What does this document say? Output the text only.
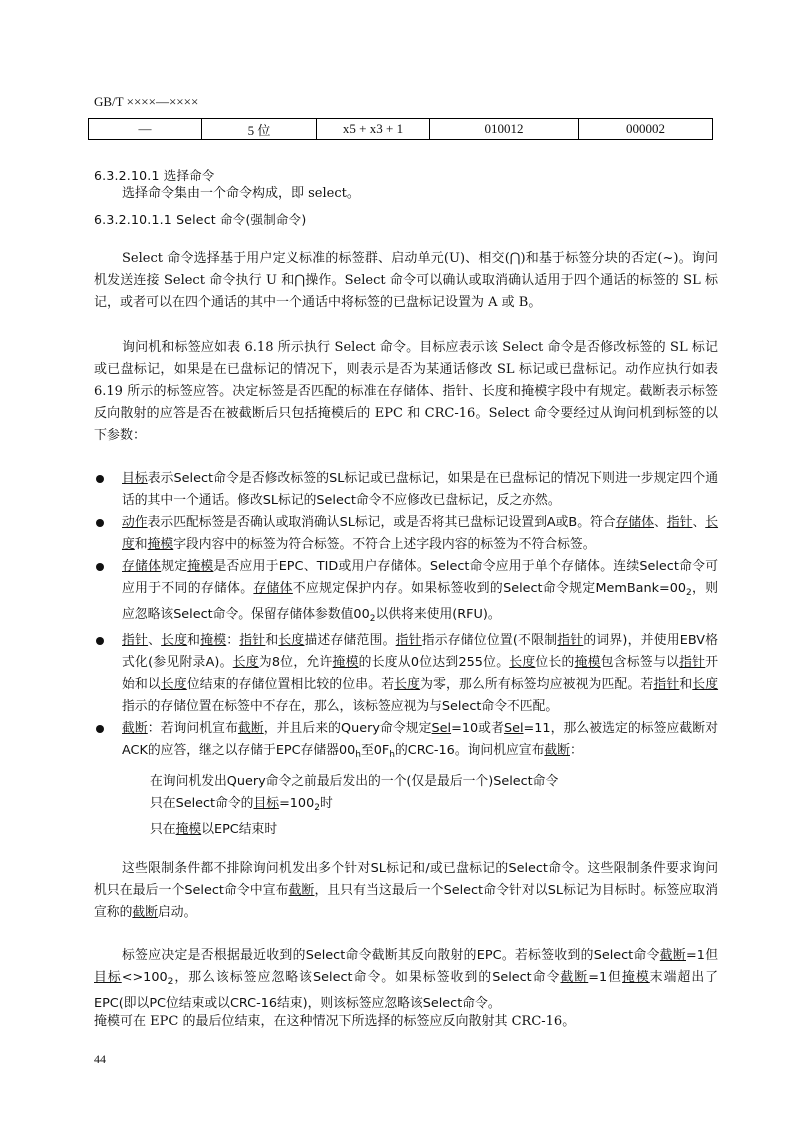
GB/T ××××—××××
—	5 位	x5 + x3 + 1	010012	000002
6.3.2.10.1 选择命令
选择命令集由一个命令构成，即 select。
6.3.2.10.1.1 Select 命令(强制命令)
Select 命令选择基于用户定义标准的标签群、启动单元(U)、相交(⋂)和基于标签分块的否定(~)。询问机发送连接 Select 命令执行 U 和⋂操作。Select 命令可以确认或取消确认适用于四个通话的标签的 SL 标记，或者可以在四个通话的其中一个通话中将标签的已盘标记设置为 A 或 B。
询问机和标签应如表 6.18 所示执行 Select 命令。目标应表示该 Select 命令是否修改标签的 SL 标记或已盘标记，如果是在已盘标记的情况下，则表示是否为某通话修改 SL 标记或已盘标记。动作应执行如表 6.19 所示的标签应答。决定标签是否匹配的标准在存储体、指针、长度和掩模字段中有规定。截断表示标签反向散射的应答是否在被截断后只包括掩模后的 EPC 和 CRC-16。Select 命令要经过从询问机到标签的以下参数：
目标表示Select命令是否修改标签的SL标记或已盘标记，如果是在已盘标记的情况下则进一步规定四个通话的其中一个通话。修改SL标记的Select命令不应修改已盘标记，反之亦然。
动作表示匹配标签是否确认或取消确认SL标记，或是否将其已盘标记设置到A或B。符合存储体、指针、长度和掩模字段内容中的标签为符合标签。不符合上述字段内容的标签为不符合标签。
存储体规定掩模是否应用于EPC、TID或用户存储体。Select命令应用于单个存储体。连续Select命令可应用于不同的存储体。存储体不应规定保护内存。如果标签收到的Select命令规定$MemBank=00_2$，则应忽略该Select命令。保留存储体参数值$00_2$以供将来使用(RFU)。
指针、长度和掩模：指针和长度描述存储范围。指针指示存储位位置(不限制指针的词界)，并使用EBV格式化(参见附录A)。长度为8位，允许掩模的长度从0位达到255位。长度位长的掩模包含标签与以指针开始和以长度位结束的存储位置相比较的位串。若长度为零，那么所有标签均应被视为匹配。若指针和长度指示的存储位置在标签中不存在，那么，该标签应视为与Select命令不匹配。
截断：若询问机宣布截断，并且后来的Query命令规定Sel=10或者Sel=11，那么被选定的标签应截断对ACK的应答，继之以存储于EPC存储器$00_h$至$0F_h$的CRC-16。询问机应宣布截断：
在询问机发出Query命令之前最后发出的一个(仅是最后一个)Select命令
只在Select命令的目标$=100_2$时
只在掩模以EPC结束时
这些限制条件都不排除询问机发出多个针对SL标记和/或已盘标记的Select命令。这些限制条件要求询问机只在最后一个Select命令中宣布截断，且只有当这最后一个Select命令针对以SL标记为目标时。标签应取消宣称的截断启动。
标签应决定是否根据最近收到的Select命令截断其反向散射的EPC。若标签收到的Select命令截断=1但目标$<>100_2$，那么该标签应忽略该Select命令。如果标签收到的Select命令截断=1但掩模末端超出了EPC(即以PC位结束或以CRC-16结束)，则该标签应忽略该Select命令。
掩模可在 EPC 的最后位结束，在这种情况下所选择的标签应反向散射其 CRC-16。
44
